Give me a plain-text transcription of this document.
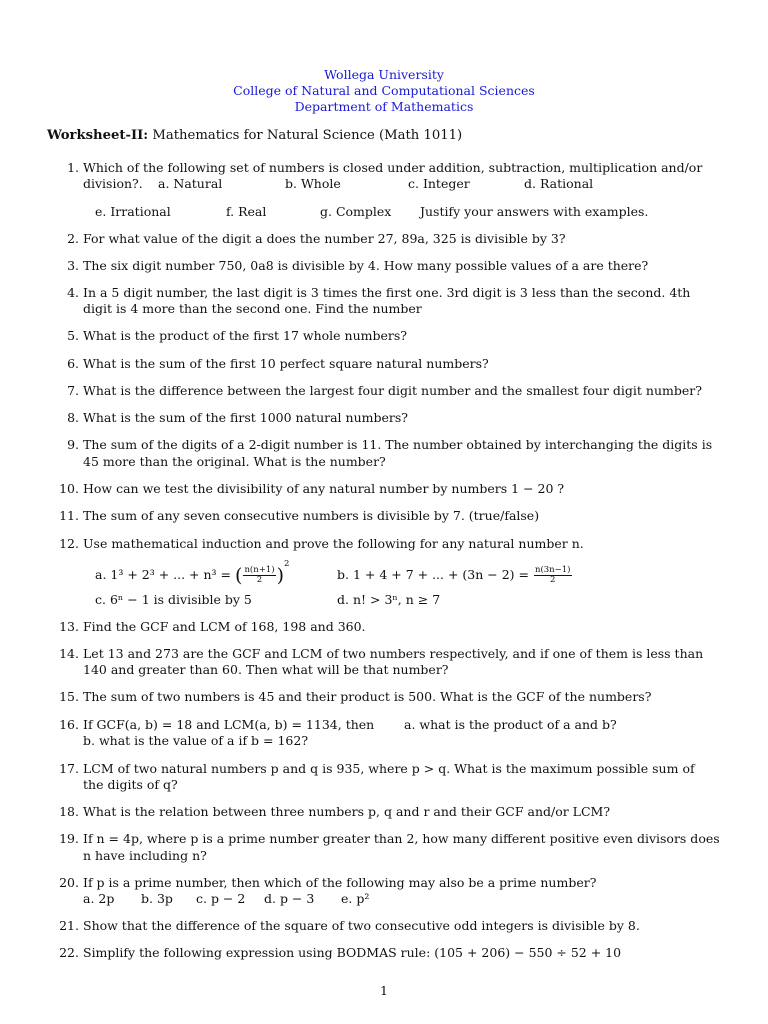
Wollega University
College of Natural and Computational Sciences
Department of Mathematics
Worksheet-II: Mathematics for Natural Science (Math 1011)
1. Which of the following set of numbers is closed under addition, subtraction, multiplication and/or
division?. a. Natural	b. Whole	c. Integer	d. Rational
e. Irrational	f. Real	g. Complex Justify your answers with examples.
2. For what value of the digit a does the number 27, 89a, 325 is divisible by 3?
3. The six digit number 750, 0a8 is divisible by 4. How many possible values of a are there?
4. In a 5 digit number, the last digit is 3 times the first one. 3rd digit is 3 less than the second. 4th
digit is 4 more than the second one. Find the number
5. What is the product of the first 17 whole numbers?
6. What is the sum of the first 10 perfect square natural numbers?
7. What is the difference between the largest four digit number and the smallest four digit number?
8. What is the sum of the first 1000 natural numbers?
9. The sum of the digits of a 2-digit number is 11. The number obtained by interchanging the digits is
45 more than the original. What is the number?
10. How can we test the divisibility of any natural number by numbers 1 − 20 ?
11. The sum of any seven consecutive numbers is divisible by 7. (true/false)
12. Use mathematical induction and prove the following for any natural number n.
a. 1³ + 2³ + ... + n³ = ( $\frac{n(n+1)}{2} )^2$
b. 1 + 4 + 7 + ... + $(3n - 2) = \frac{n(3n-1)}{2}$
c. 6ⁿ − 1 is divisible by 5	d. n! > 3ⁿ, n ≥ 7
13. Find the GCF and LCM of 168, 198 and 360.
14. Let 13 and 273 are the GCF and LCM of two numbers respectively, and if one of them is less than
140 and greater than 60. Then what will be that number?
15. The sum of two numbers is 45 and their product is 500. What is the GCF of the numbers?
16. If GCF(a, b) = 18 and LCM(a, b) = 1134, then	a. what is the product of a and b?
b. what is the value of a if b = 162?
17. LCM of two natural numbers p and q is 935, where p > q. What is the maximum possible sum of
the digits of q?
18. What is the relation between three numbers p, q and r and their GCF and/or LCM?
19. If n = 4p, where p is a prime number greater than 2, how many different positive even divisors does
n have including n?
20. If p is a prime number, then which of the following may also be a prime number?
a. 2p b. 3p c. p − 2 d. p − 3 e. p²
21. Show that the difference of the square of two consecutive odd integers is divisible by 8.
22. Simplify the following expression using BODMAS rule: (105 + 206) − 550 ÷ 52 + 10
1
